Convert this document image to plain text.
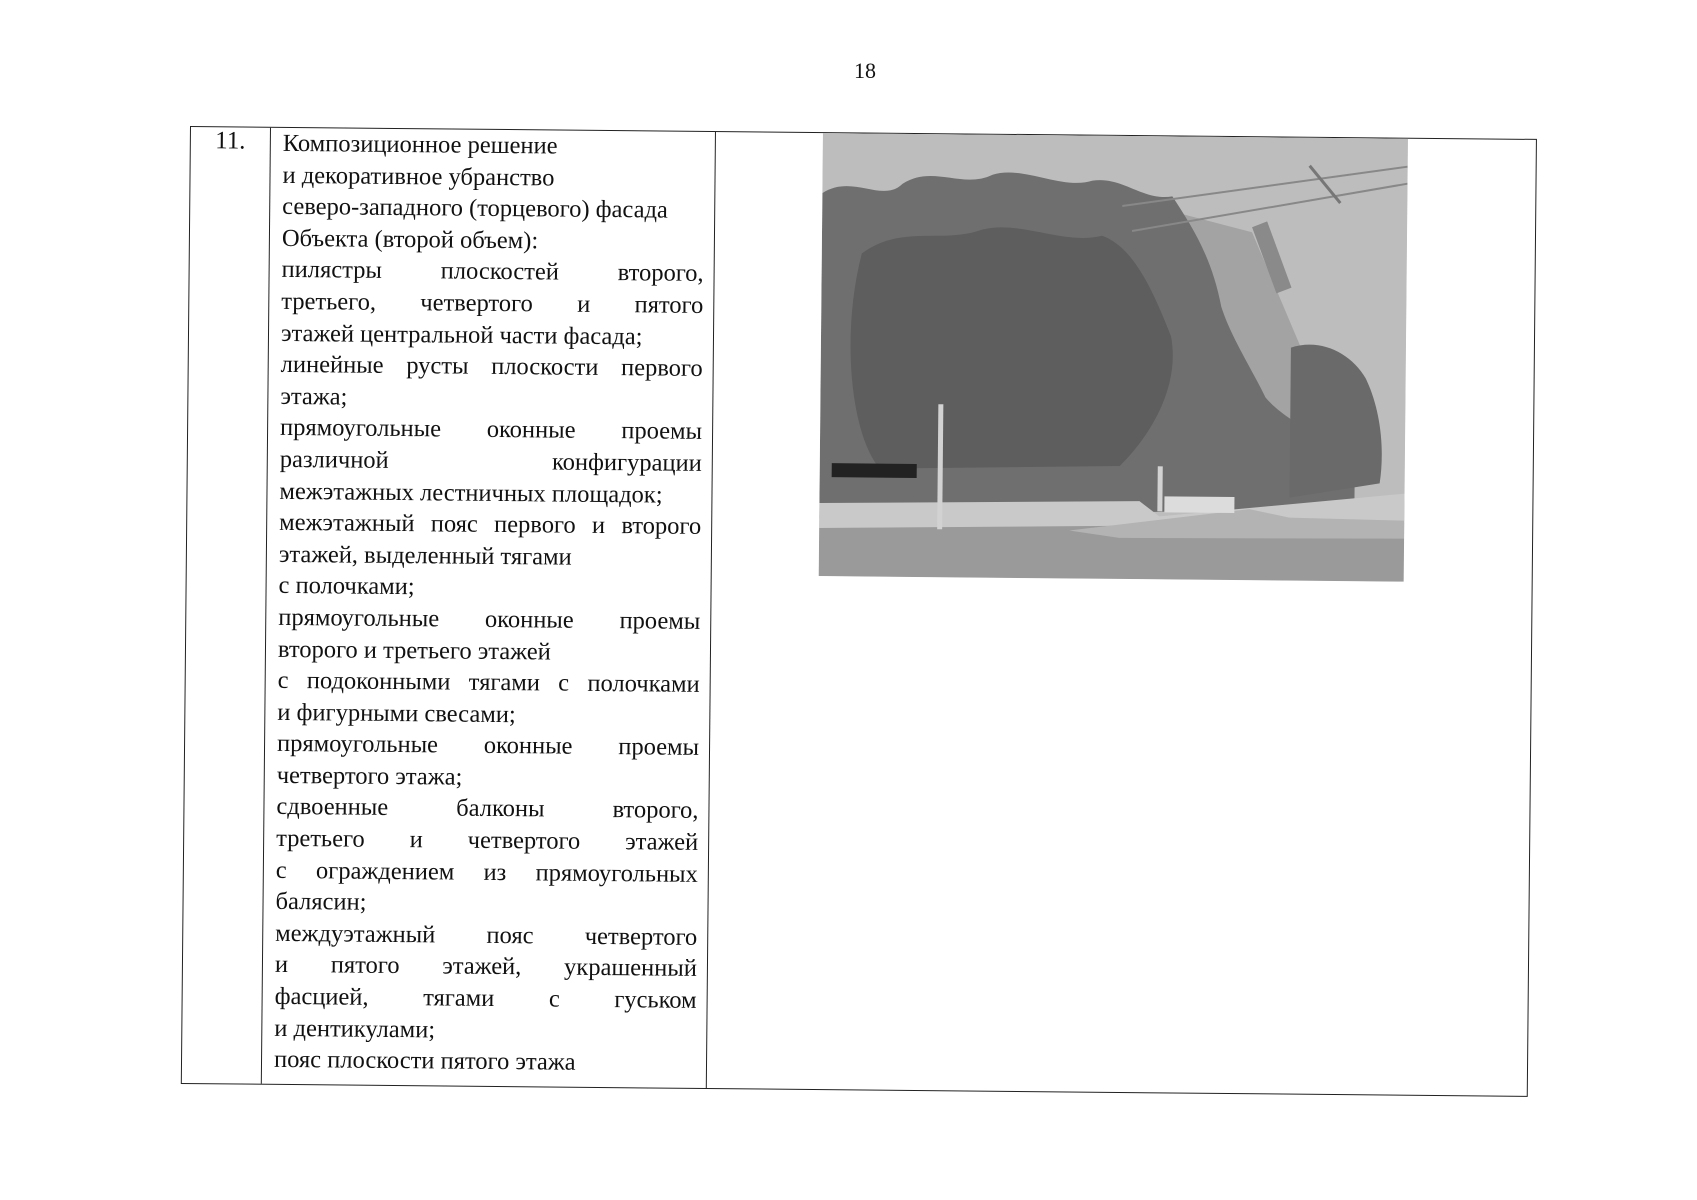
18
11.	Композиционное решение

и декоративное убранство

северо-западного (торцевого) фасада

Объекта (второй объем):

пилястры плоскостей второго,

третьего, четвертого и пятого

этажей центральной части фасада;

линейные русты плоскости первого

этажа;

прямоугольные оконные проемы

различной конфигурации

межэтажных лестничных площадок;

межэтажный пояс первого и второго

этажей, выделенный тягами

с полочками;

прямоугольные оконные проемы

второго и третьего этажей

с подоконными тягами с полочками

и фигурными свесами;

прямоугольные оконные проемы

четвертого этажа;

сдвоенные балконы второго,

третьего и четвертого этажей

с ограждением из прямоугольных

балясин;

междуэтажный пояс четвертого

и пятого этажей, украшенный

фасцией, тягами с гуськом

и дентикулами;

пояс плоскости пятого этажа
